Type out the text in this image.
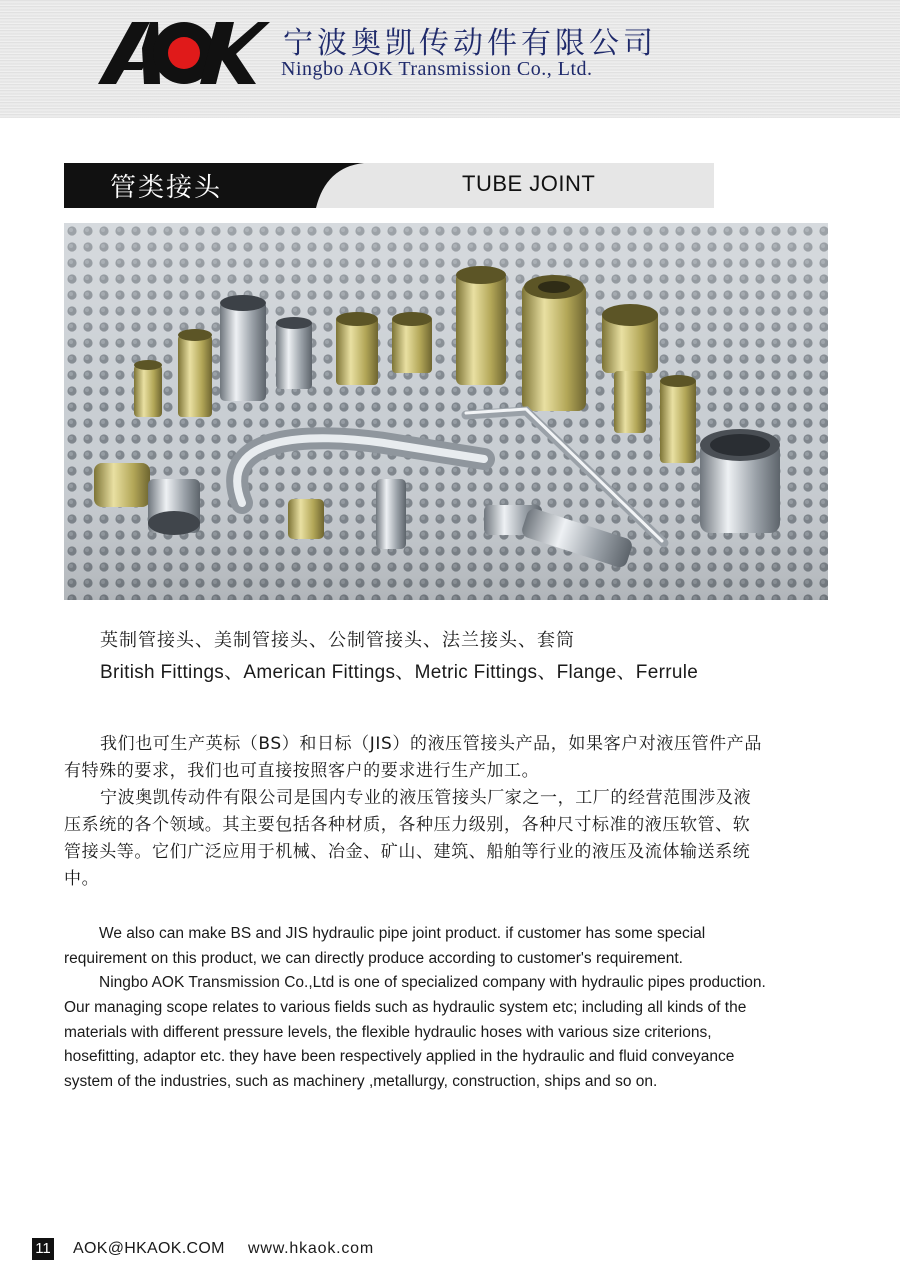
宁波奥凯传动件有限公司
Ningbo AOK Transmission Co., Ltd.
管类接头	TUBE JOINT
英制管接头、美制管接头、公制管接头、法兰接头、套筒
British Fittings、American Fittings、Metric Fittings、Flange、Ferrule

我们也可生产英标（BS）和日标（JIS）的液压管接头产品，如果客户对液压管件产品有特殊的要求，我们也可直接按照客户的要求进行生产加工。

宁波奥凯传动件有限公司是国内专业的液压管接头厂家之一，工厂的经营范围涉及液压系统的各个领域。其主要包括各种材质，各种压力级别，各种尺寸标准的液压软管、软管接头等。它们广泛应用于机械、冶金、矿山、建筑、船舶等行业的液压及流体输送系统中。

We also can make BS and JIS hydraulic pipe joint product. if customer has some special requirement on this product, we can directly produce according to customer's requirement.

Ningbo AOK Transmission Co.,Ltd is one of specialized company with hydraulic pipes production. Our managing scope relates to various fields such as hydraulic system etc; including all kinds of the materials with different pressure levels, the flexible hydraulic hoses with various size criterions, hosefitting, adaptor etc. they have been respectively applied in the hydraulic and fluid conveyance system of the industries, such as machinery ,metallurgy, construction, ships and so on.

11 AOK@HKAOK.COM www.hkaok.com
